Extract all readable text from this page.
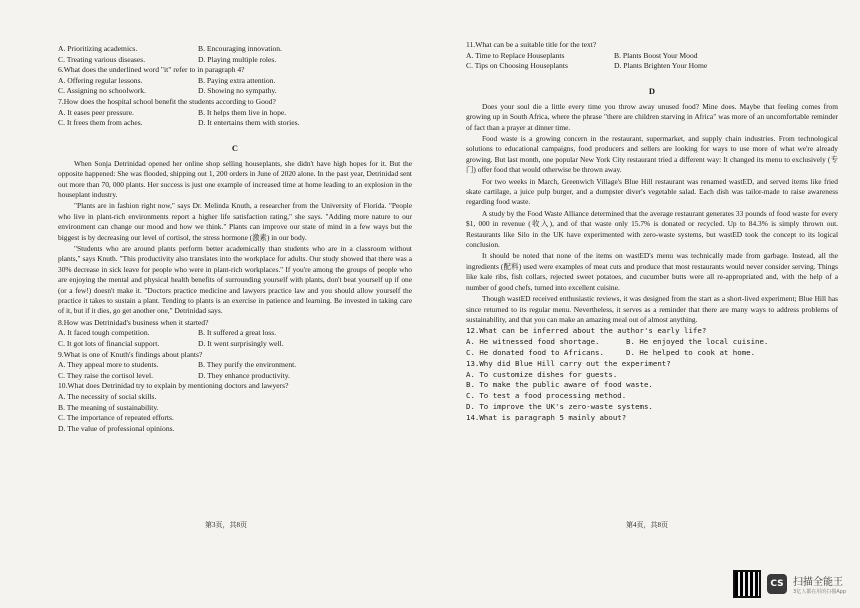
A. Prioritizing academics.	B. Encouraging innovation.
C. Treating various diseases.	D. Playing multiple roles.
6.What does the underlined word "it" refer to in paragraph 4?
A. Offering regular lessons.	B. Paying extra attention.
C. Assigning no schoolwork.	D. Showing no sympathy.
7.How does the hospital school benefit the students according to Good?
A. It eases peer pressure.	B. It helps them live in hope.
C. It frees them from aches.	D. It entertains them with stories.
C

When Sonja Detrinidad opened her online shop selling houseplants, she didn't have high hopes for it. But the opposite happened: She was flooded, shipping out 1, 200 orders in June of 2020 alone. In the past year, Detrinidad sent out more than 70, 000 plants. Her success is just one example of increased time at home leading to an explosion in the houseplant industry.

"Plants are in fashion right now," says Dr. Melinda Knuth, a researcher from the University of Florida. "People who live in plant-rich environments report a higher life satisfaction rating," she says. "Adding more nature to our environment can change our mood and how we think." Plants can improve our state of mind in a few ways but the biggest is by decreasing our level of cortisol, the stress hormone (激素) in our body.

"Students who are around plants perform better academically than students who are in a classroom without plants," says Knuth. "This productivity also translates into the workplace for adults. Our study showed that there was a 30% decrease in sick leave for people who were in plant-rich workplaces." If you're among the groups of people who are enjoying the mental and physical health benefits of surrounding yourself with plants, don't beat yourself up if one (or a few!) doesn't make it. "Doctors practice medicine and lawyers practice law and you should allow yourself the practice it takes to sustain a plant. Tending to plants is an exercise in patience and learning. Be invested in taking care of it, but if it dies, go get another one," Detrinidad says.

8.How was Detrinidad's business when it started?
A. It faced tough competition.	B. It suffered a great loss.
C. It got lots of financial support.	D. It went surprisingly well.
9.What is one of Knuth's findings about plants?
A. They appeal more to students.	B. They purify the environment.
C. They raise the cortisol level.	D. They enhance productivity.
10.What does Detrinidad try to explain by mentioning doctors and lawyers?
A. The necessity of social skills.
B. The meaning of sustainability.
C. The importance of repeated efforts.
D. The value of professional opinions.
第3页，共8页
11.What can be a suitable title for the text?
A. Time to Replace Houseplants	B. Plants Boost Your Mood
C. Tips on Choosing Houseplants	D. Plants Brighten Your Home
D

Does your soul die a little every time you throw away unused food? Mine does. Maybe that feeling comes from growing up in South Africa, where the phrase "there are children starving in Africa" was more of an uncomfortable reminder of fact than a prayer at dinner time.

Food waste is a growing concern in the restaurant, supermarket, and supply chain industries. From technological solutions to educational campaigns, food producers and sellers are looking for ways to use more of what we're already growing. But last month, one popular New York City restaurant tried a different way: It changed its menu to exclusively (专门) offer food that would otherwise be thrown away.

For two weeks in March, Greenwich Village's Blue Hill restaurant was renamed wastED, and served items like fried skate cartilage, a juice pulp burger, and a dumpster diver's vegetable salad. Each dish was tailor-made to raise awareness regarding food waste.

A study by the Food Waste Alliance determined that the average restaurant generates 33 pounds of food waste for every $1, 000 in revenue (收入), and of that waste only 15.7% is donated or recycled. Up to 84.3% is simply thrown out. Restaurants like Silo in the UK have experimented with zero-waste systems, but wastED took the concept to its logical conclusion.

It should be noted that none of the items on wastED's menu was technically made from garbage. Instead, all the ingredients (配料) used were examples of meat cuts and produce that most restaurants would never consider serving. Things like kale ribs, fish collars, rejected sweet potatoes, and cucumber butts were all re-appropriated and, with the help of a number of good chefs, turned into excellent cuisine.

Though wastED received enthusiastic reviews, it was designed from the start as a short-lived experiment; Blue Hill has since returned to its regular menu. Nevertheless, it serves as a reminder that there are many ways to address problems of sustainability, and that you can make an amazing meal out of almost anything.

12.What can be inferred about the author's early life?
A. He witnessed food shortage.	B. He enjoyed the local cuisine.
C. He donated food to Africans.	D. He helped to cook at home.
13.Why did Blue Hill carry out the experiment?
A. To customize dishes for guests.
B. To make the public aware of food waste.
C. To test a food processing method.
D. To improve the UK's zero-waste systems.
14.What is paragraph 5 mainly about?
第4页，共8页
CS 扫描全能王
3亿人都在用的扫描App
